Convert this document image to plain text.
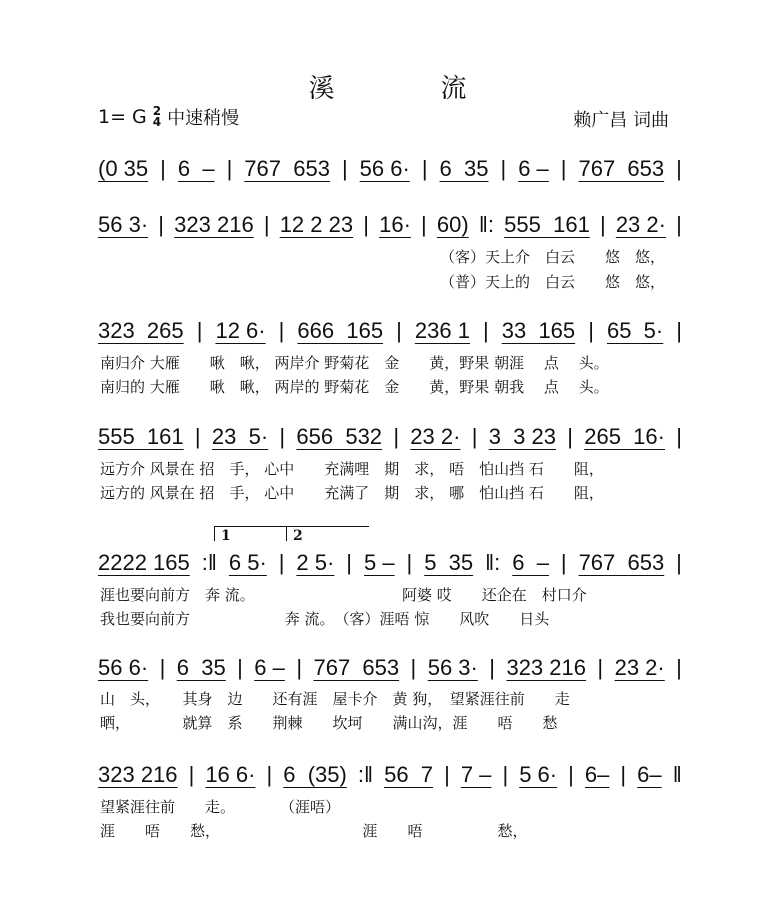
溪　流
1= G 2
4 中速稍慢	赖广昌 词曲
(0 35 | 6  – | 767  653 | 56 6· | 6  35 | 6 – | 767  653 |
56 3· | 323 216 | 12 2 23 | 16· | 60) ‖: 555  161 | 23 2· |
（客）天上介　白云　　悠　悠，
（普）天上的　白云　　悠　悠，
323  265 | 12 6· | 666  165 | 236 1 | 33  165 | 65  5· |
南归介 大雁　　啾　啾， 两岸介 野菊花　金　　黄，野果 朝涯　 点　 头。
南归的 大雁　　啾　啾， 两岸的 野菊花　金　　黄，野果 朝我　 点　 头。
555  161 | 23  5· | 656  532 | 23 2· | 3  3 23 | 265  16· |
远方介 风景在 招　手， 心中　　充满哩　期　求， 唔　怕山挡 石　　阻，
远方的 风景在 招　手， 心中　　充满了　期　求， 哪　怕山挡 石　　阻，
2222 165 :‖ 6 5· | 2 5· | 5 – | 5  35 ‖: 6  – | 767  653 |
涯也要向前方　奔 流。　　　　　　　　　　 阿婆 哎　　还企在　村口介
我也要向前方　　　　　　 奔 流。　（客）涯唔 惊　　风吹　　日头
1	2
56 6· | 6  35 | 6 – | 767  653 | 56 3· | 323 216 | 23 2· |
山　头，　　其身　边　　还有涯　屋卡介　黄 狗，　望紧涯往前　　走
晒，　　　　就算　系　　荆棘　　坎坷　　满山沟，涯　　唔　　愁
323 216 | 16 6· | 6  (35) :‖ 56  7 | 7 – | 5 6· | 6– | 6– ‖
望紧涯往前　　走。　　　　（涯唔）
涯　　唔　　愁，　　　　　　　　　　涯　　唔　　　　　愁，
